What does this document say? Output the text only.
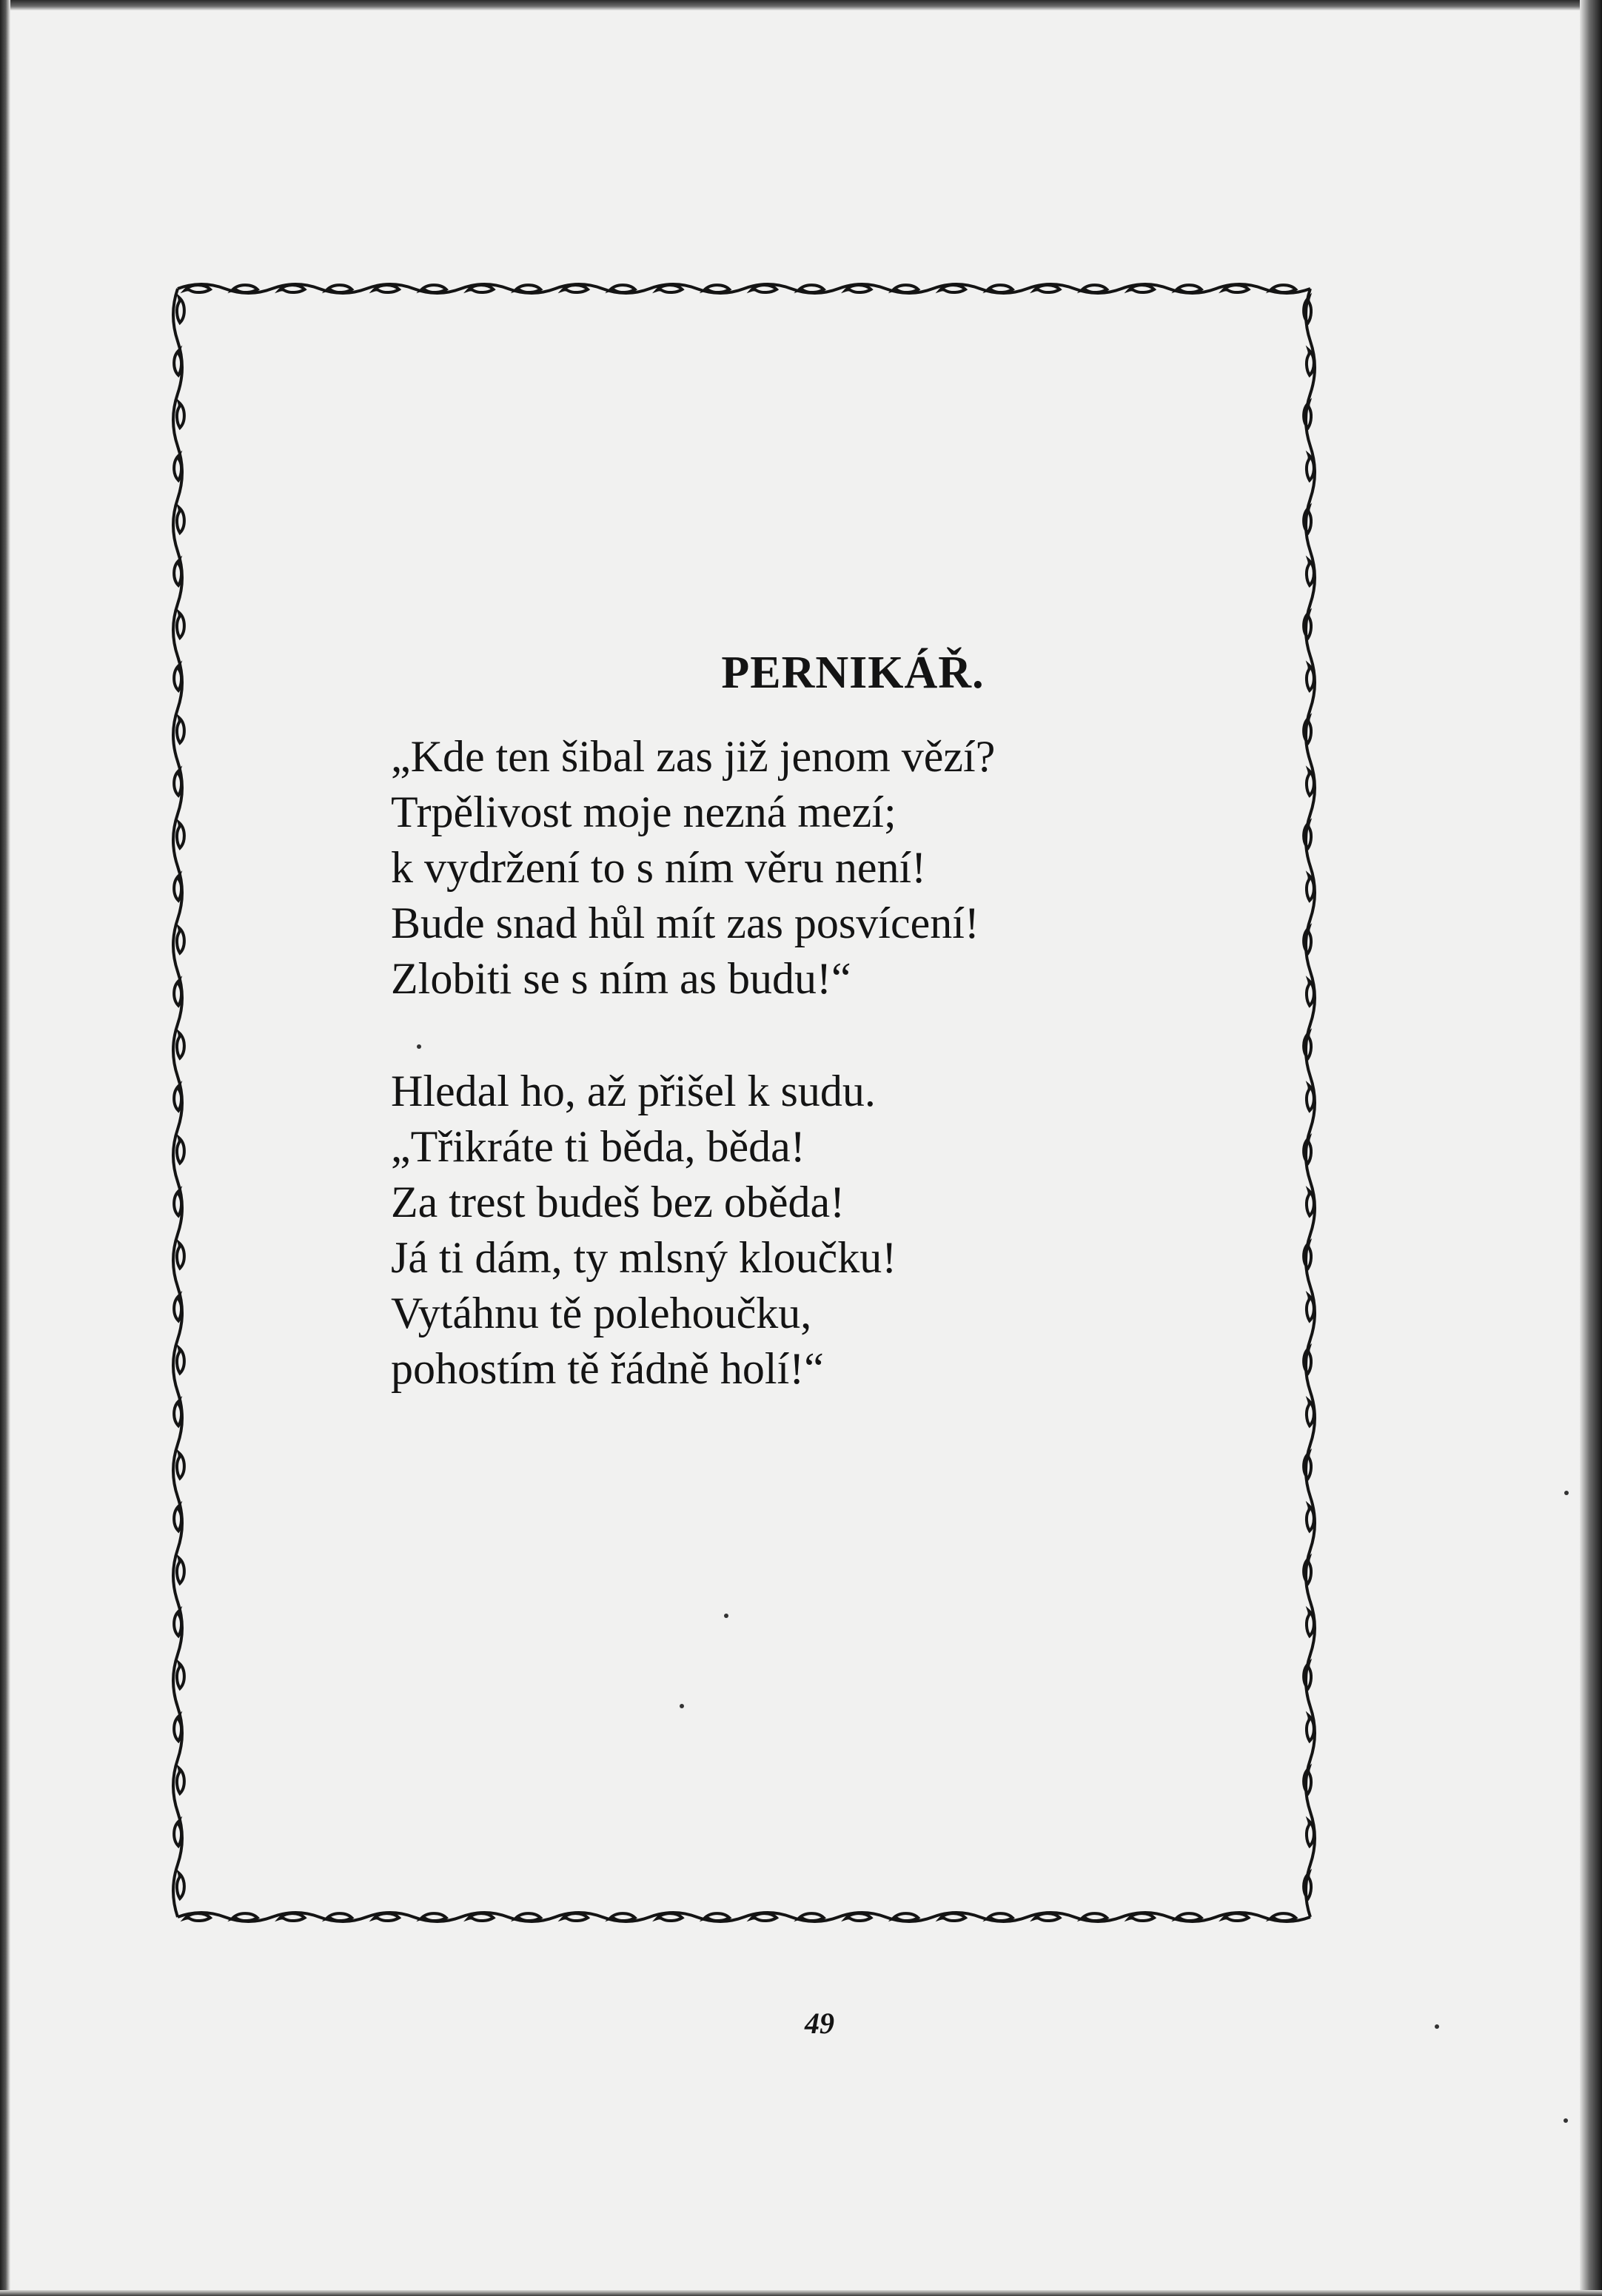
PERNIKÁŘ.

„Kde ten šibal zas již jenom vězí?
Trpělivost moje nezná mezí;
k vydržení to s ním věru není!
Bude snad hůl mít zas posvícení!
Zlobiti se s ním as budu!“

Hledal ho, až přišel k sudu.
„Třikráte ti běda, běda!
Za trest budeš bez oběda!
Já ti dám, ty mlsný kloučku!
Vytáhnu tě polehoučku,
pohostím tě řádně holí!“

49
